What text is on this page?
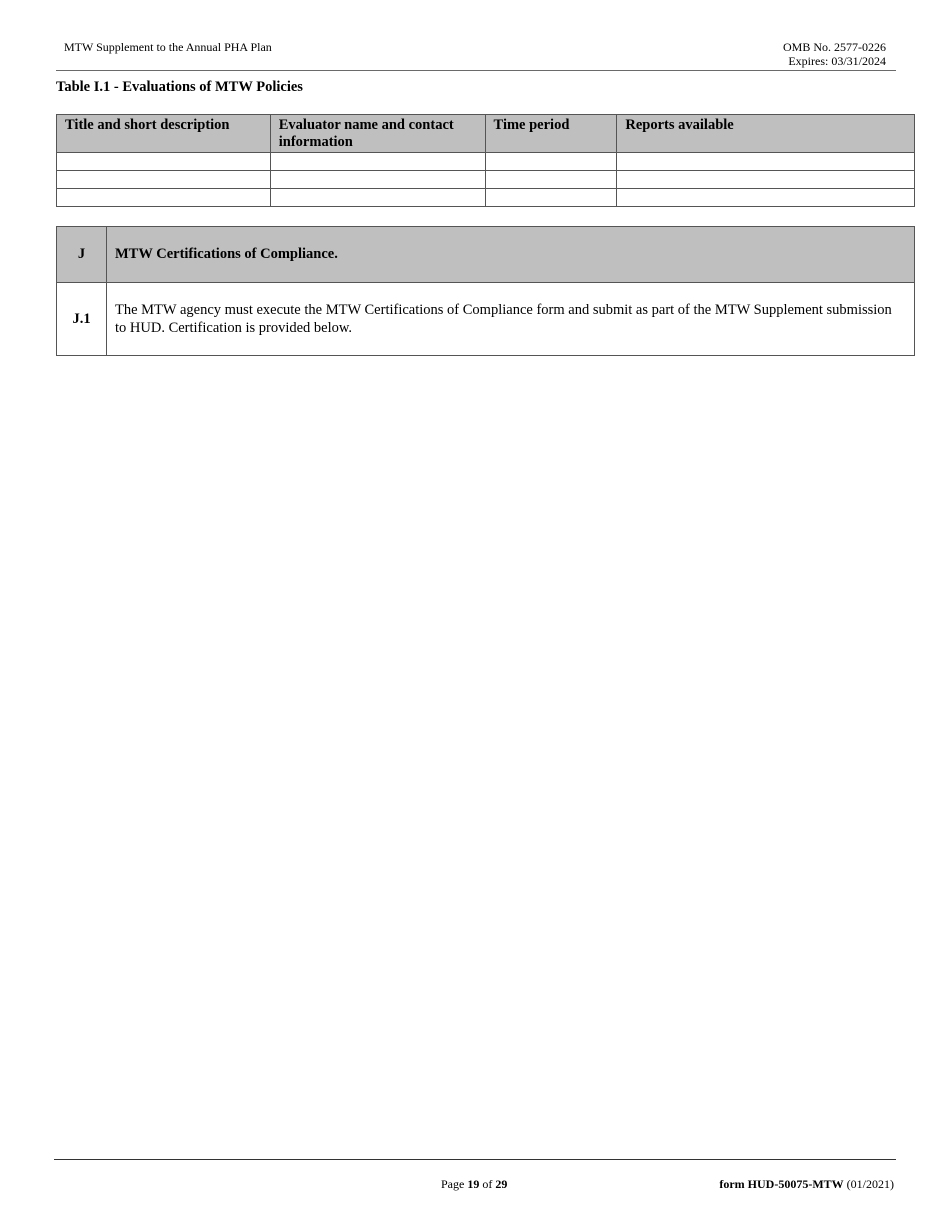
MTW Supplement to the Annual PHA Plan	OMB No. 2577-0226
Expires: 03/31/2024
Table I.1 - Evaluations of MTW Policies
Title and short description	Evaluator name and contact information	Time period	Reports available

J	MTW Certifications of Compliance.
J.1	The MTW agency must execute the MTW Certifications of Compliance form and submit as part of the MTW Supplement submission to HUD. Certification is provided below.
Page 19 of 29	form HUD-50075-MTW (01/2021)
